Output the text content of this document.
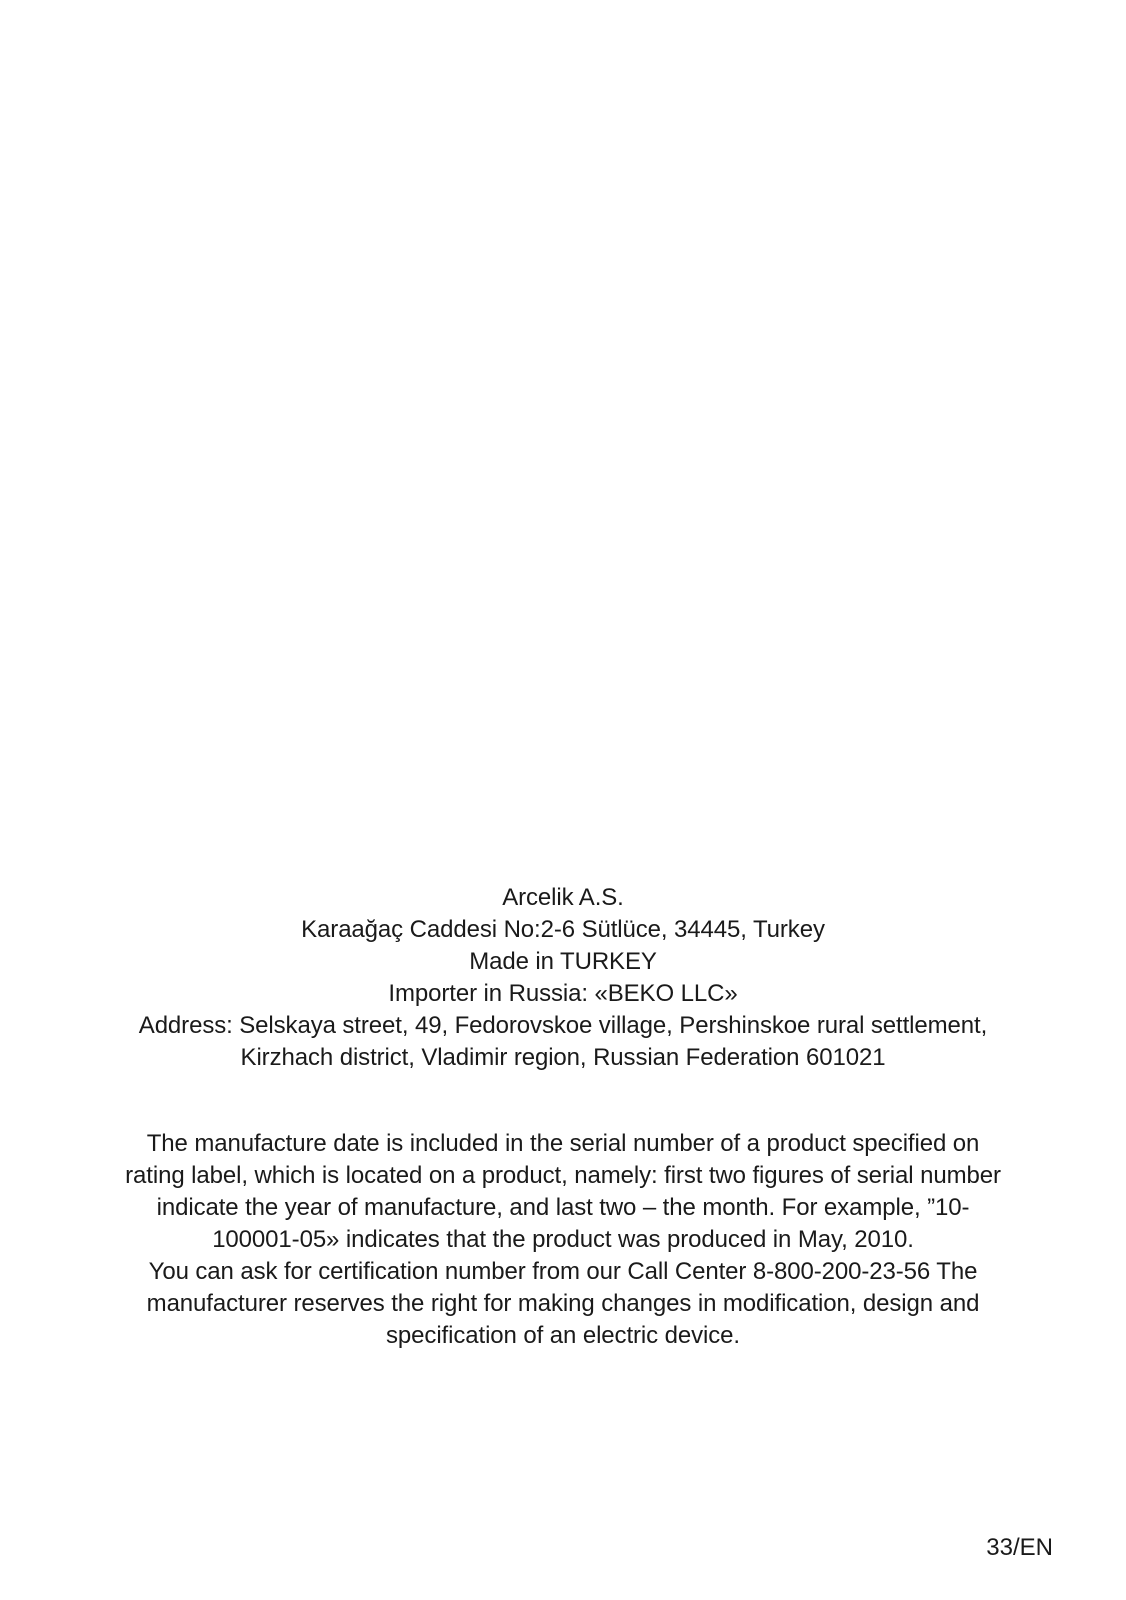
Arcelik A.S.
Karaağaç Caddesi No:2-6 Sütlüce, 34445, Turkey
Made in TURKEY
Importer in Russia: «BEKO LLC»
Address: Selskaya street, 49, Fedorovskoe village, Pershinskoe rural settlement,
Kirzhach district, Vladimir region, Russian Federation 601021
The manufacture date is included in the serial number of a product specified on
rating label, which is located on a product, namely: first two figures of serial number
indicate the year of manufacture, and last two – the month. For example, ”10-
100001-05» indicates that the product was produced in May, 2010.
You can ask for certification number from our Call Center 8-800-200-23-56 The
manufacturer reserves the right for making changes in modification, design and
specification of an electric device.
33/EN
